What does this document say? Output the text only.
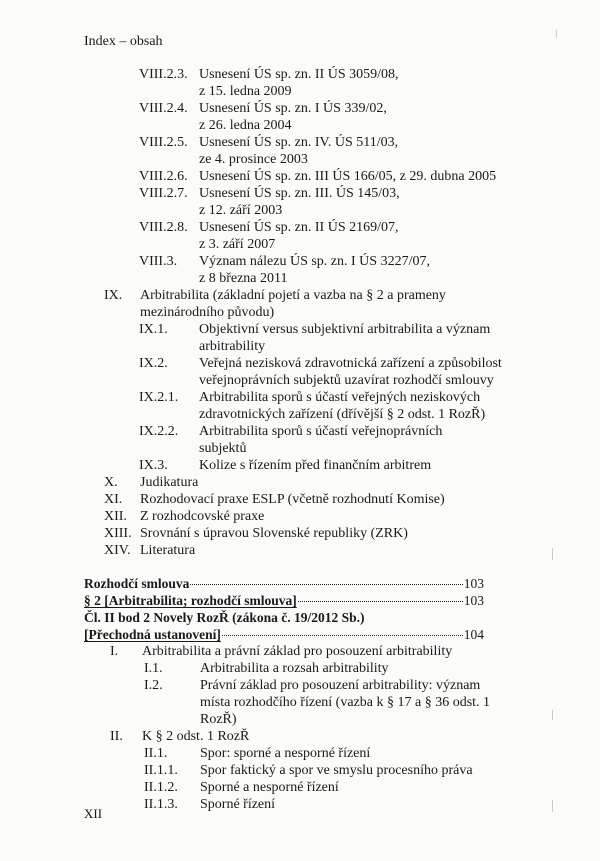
Index – obsah
VIII.2.3. Usnesení ÚS sp. zn. II ÚS 3059/08,
z 15. ledna 2009
VIII.2.4. Usnesení ÚS sp. zn. I ÚS 339/02,
z 26. ledna 2004
VIII.2.5. Usnesení ÚS sp. zn. IV. ÚS 511/03,
ze 4. prosince 2003
VIII.2.6. Usnesení ÚS sp. zn. III ÚS 166/05, z 29. dubna 2005
VIII.2.7. Usnesení ÚS sp. zn. III. ÚS 145/03,
z 12. září 2003
VIII.2.8. Usnesení ÚS sp. zn. II ÚS 2169/07,
z 3. září 2007
VIII.3. Význam nálezu ÚS sp. zn. I ÚS 3227/07,
z 8 března 2011
IX. Arbitrabilita (základní pojetí a vazba na § 2 a prameny mezinárodního původu)
IX.1. Objektivní versus subjektivní arbitrabilita a význam arbitrability
IX.2. Veřejná nezisková zdravotnická zařízení a způsobilost veřejnoprávních subjektů uzavírat rozhodčí smlouvy
IX.2.1. Arbitrabilita sporů s účastí veřejných neziskových zdravotnických zařízení (dřívější § 2 odst. 1 RozŘ)
IX.2.2. Arbitrabilita sporů s účastí veřejnoprávních subjektů
IX.3. Kolize s řízením před finančním arbitrem
X. Judikatura
XI. Rozhodovací praxe ESLP (včetně rozhodnutí Komise)
XII. Z rozhodcovské praxe
XIII. Srovnání s úpravou Slovenské republiky (ZRK)
XIV. Literatura
Rozhodčí smlouva	103
§ 2 [Arbitrabilita; rozhodčí smlouva]	103
Čl. II bod 2 Novely RozŘ (zákona č. 19/2012 Sb.)
[Přechodná ustanovení]	104
I. Arbitrabilita a právní základ pro posouzení arbitrability
I.1.	Arbitrabilita a rozsah arbitrability
I.2.	Právní základ pro posouzení arbitrability: význam místa rozhodčího řízení (vazba k § 17 a § 36 odst. 1 RozŘ)
II. K § 2 odst. 1 RozŘ
II.1. Spor: sporné a nesporné řízení
II.1.1. Spor faktický a spor ve smyslu procesního práva
II.1.2. Sporné a nesporné řízení
II.1.3. Sporné řízení
XII
